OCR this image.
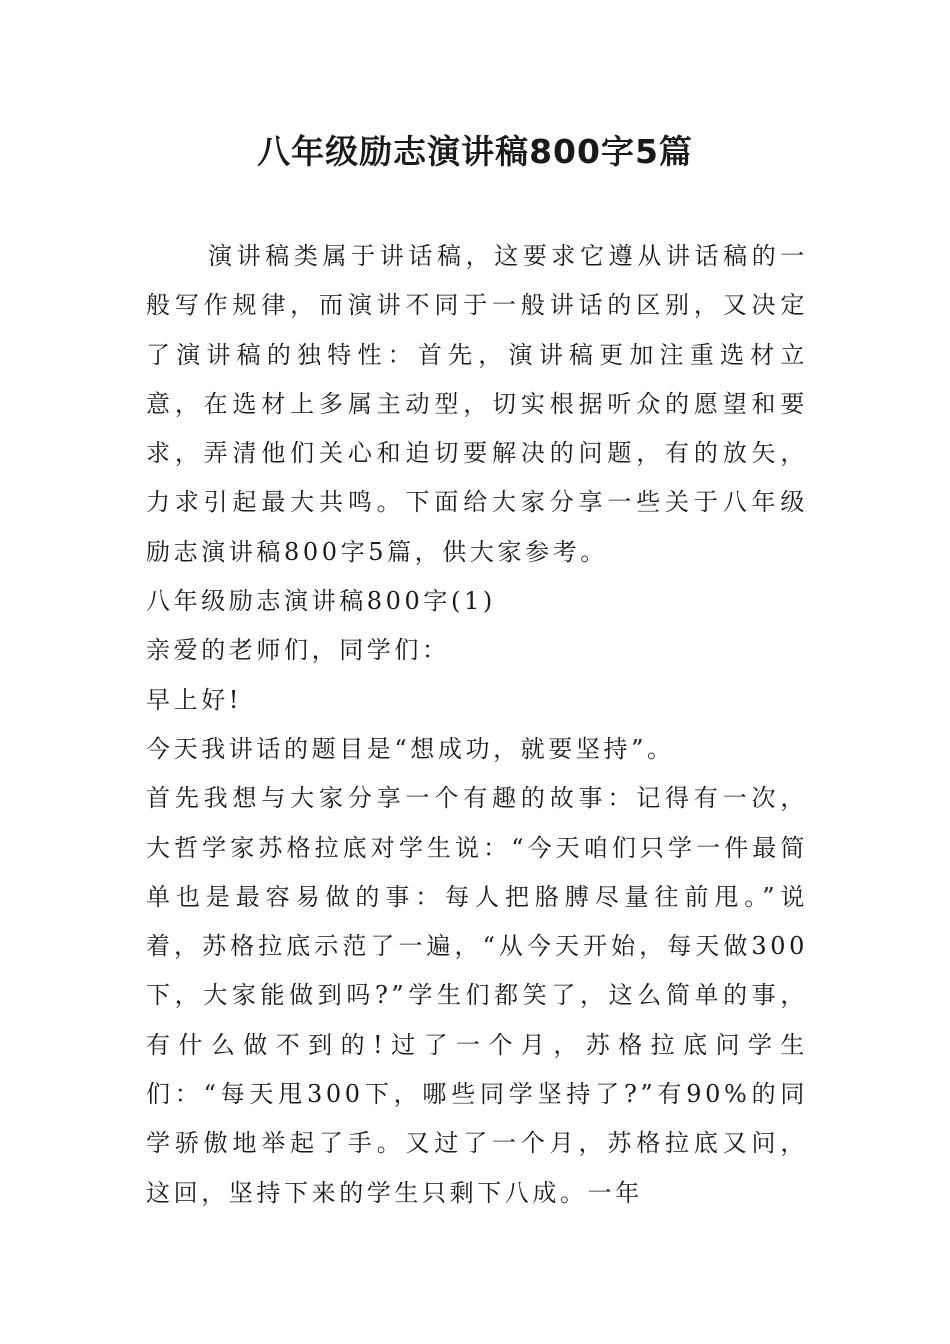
八年级励志演讲稿800字5篇

演讲稿类属于讲话稿，这要求它遵从讲话稿的一般写作规律，而演讲不同于一般讲话的区别，又决定了演讲稿的独特性：首先，演讲稿更加注重选材立意，在选材上多属主动型，切实根据听众的愿望和要求，弄清他们关心和迫切要解决的问题，有的放矢，力求引起最大共鸣。下面给大家分享一些关于八年级励志演讲稿800字5篇，供大家参考。

八年级励志演讲稿800字(1)

亲爱的老师们，同学们：

早上好!

今天我讲话的题目是“想成功，就要坚持”。

首先我想与大家分享一个有趣的故事：记得有一次，大哲学家苏格拉底对学生说：“今天咱们只学一件最简单也是最容易做的事：每人把胳膊尽量往前甩。”说着，苏格拉底示范了一遍，“从今天开始，每天做300下，大家能做到吗?”学生们都笑了，这么简单的事，有什么做不到的!过了一个月，苏格拉底问学生们：“每天甩300下，哪些同学坚持了?”有90%的同学骄傲地举起了手。又过了一个月，苏格拉底又问，这回，坚持下来的学生只剩下八成。一年
